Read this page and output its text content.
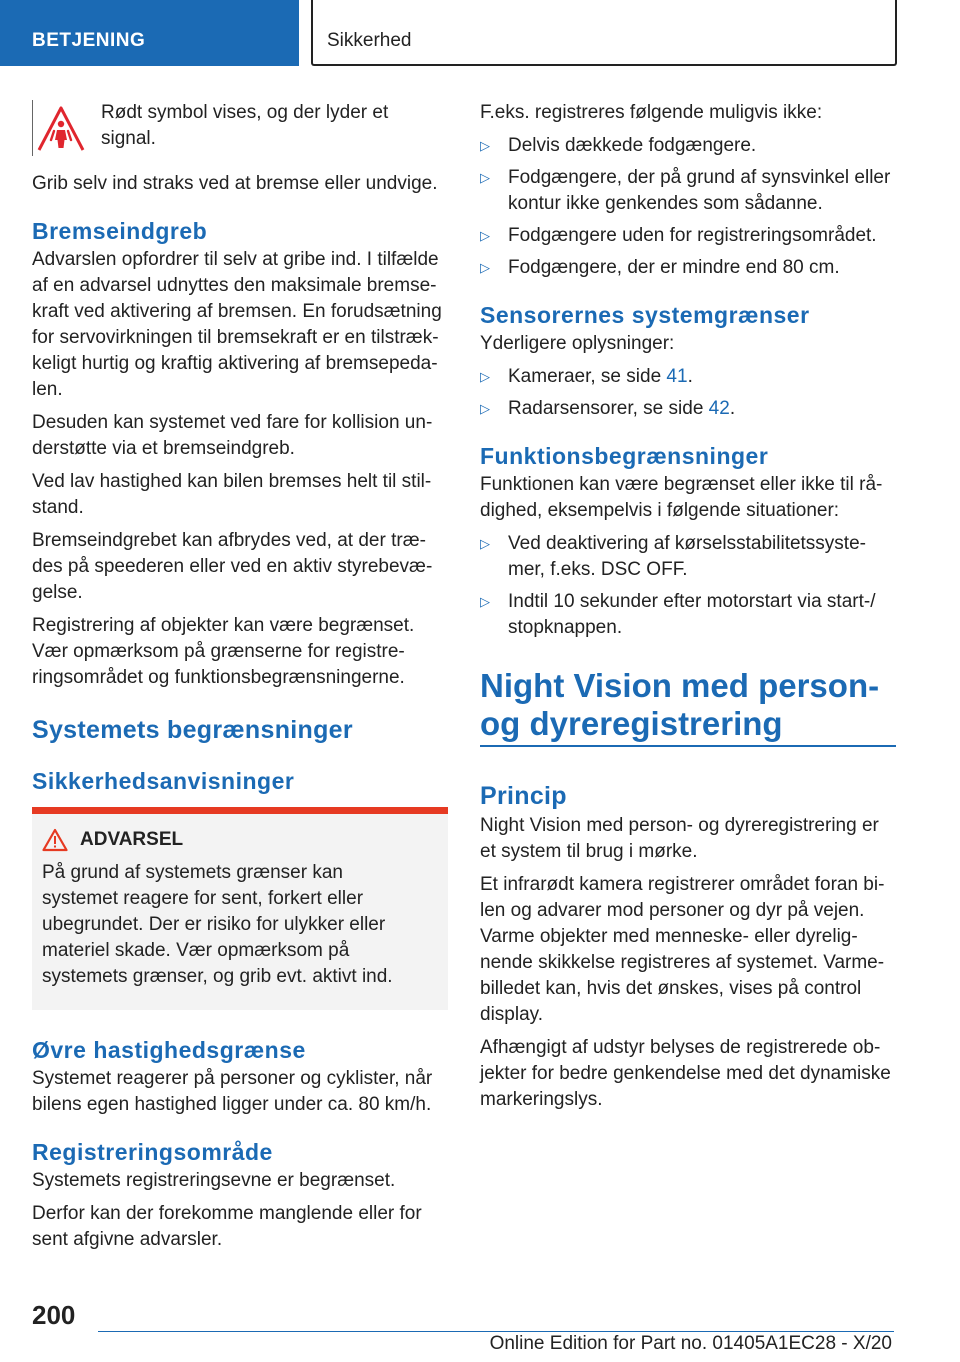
BETJENING	Sikkerhed

Rødt symbol vises, og der lyder et signal.

Grib selv ind straks ved at bremse eller undvige.

Bremseindgreb

Advarslen opfordrer til selv at gribe ind. I tilfælde af en advarsel udnyttes den maksimale bremsekraft ved aktivering af bremsen. En forudsætning for servovirkningen til bremsekraft er en tilstrækkeligt hurtig og kraftig aktivering af bremsepedalen.

Desuden kan systemet ved fare for kollision understøtte via et bremseindgreb.

Ved lav hastighed kan bilen bremses helt til stilstand.

Bremseindgrebet kan afbrydes ved, at der trædes på speederen eller ved en aktiv styrebevægelse.

Registrering af objekter kan være begrænset. Vær opmærksom på grænserne for registreringsområdet og funktionsbegrænsningerne.

Systemets begrænsninger
Sikkerhedsanvisninger
ADVARSEL

På grund af systemets grænser kan systemet reagere for sent, forkert eller ubegrundet. Der er risiko for ulykker eller materiel skade. Vær opmærksom på systemets grænser, og grib evt. aktivt ind.

Øvre hastighedsgrænse

Systemet reagerer på personer og cyklister, når bilens egen hastighed ligger under ca. 80 km/h.

Registreringsområde

Systemets registreringsevne er begrænset.

Derfor kan der forekomme manglende eller for sent afgivne advarsler.

F.eks. registreres følgende muligvis ikke:

▷ Delvis dækkede fodgængere.
▷ Fodgængere, der på grund af synsvinkel eller kontur ikke genkendes som sådanne.
▷ Fodgængere uden for registreringsområdet.
▷ Fodgængere, der er mindre end 80 cm.
Sensorernes systemgrænser

Yderligere oplysninger:

▷ Kameraer, se side 41.
▷ Radarsensorer, se side 42.
Funktionsbegrænsninger

Funktionen kan være begrænset eller ikke til rådighed, eksempelvis i følgende situationer:

▷ Ved deaktivering af kørselsstabilitetssystemer, f.eks. DSC OFF.
▷ Indtil 10 sekunder efter motorstart via start-/ stopknappen.
Night Vision med person- og dyreregistrering
Princip

Night Vision med person- og dyreregistrering er et system til brug i mørke.

Et infrarødt kamera registrerer området foran bilen og advarer mod personer og dyr på vejen. Varme objekter med menneske- eller dyrelignende skikkelse registreres af systemet. Varmebilledet kan, hvis det ønskes, vises på control display.

Afhængigt af udstyr belyses de registrerede objekter for bedre genkendelse med det dynamiske markeringslys.

200
Online Edition for Part no. 01405A1EC28 - X/20
